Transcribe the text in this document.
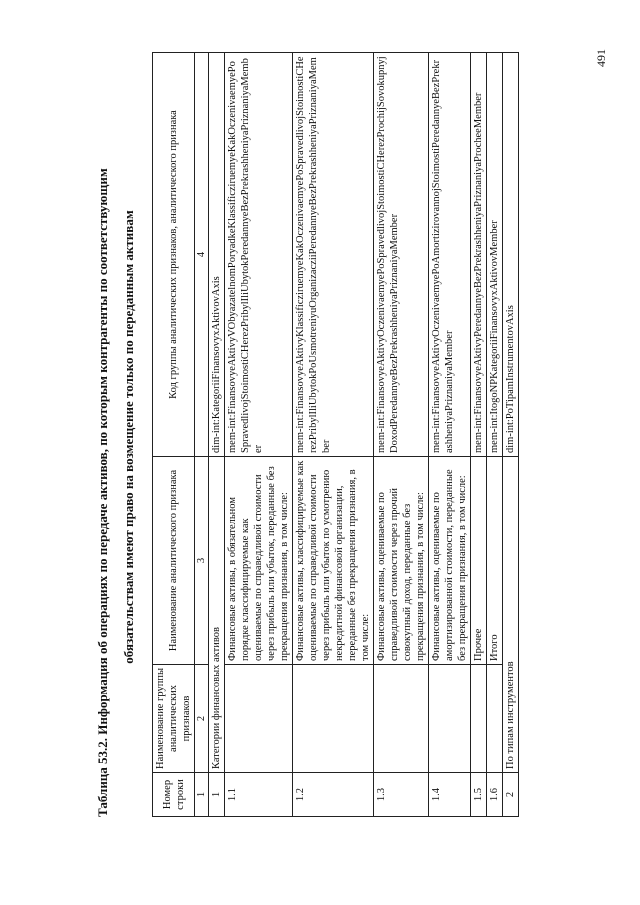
Таблица 53.2. Информация об операциях по передаче активов, по которым контрагенты по соответствующим обязательствам имеют право на возмещение только по переданным активам
Номер строки	Наименование группы аналитических признаков	Наименование аналитического признака	Код группы аналитических признаков, аналитического признака
1	2	3	4
1	Категории финансовых активов		dim-int:KategoriiFinansovyxAktivovAxis
1.1		Финансовые активы, в обязательном порядке классифицируемые как оцениваемые по справедливой стоимости через прибыль или убыток, переданные без прекращения признания, в том числе:	mem-int:FinansovyeAktivyVObyazatelnomPoryadkeKlassificziruemyeKakOczenivaemyePoSpravedlivojStoimostiCHerezPribylIliUbytokPeredannyeBezPrekrashheniyaPriznaniyaMember
1.2		Финансовые активы, классифицируемые как оцениваемые по справедливой стоимости через прибыль или убыток по усмотрению некредитной финансовой организации, переданные без прекращения признания, в том числе:	mem-int:FinansovyeAktivyKlassificziruemyeKakOczenivaemyePoSpravedlivojStoimostiCHerezPribylIliUbytokPoUsmotreniyuOrganizacziiPeredannyeBezPrekrashheniyaPriznaniyaMember
1.3		Финансовые активы, оцениваемые по справедливой стоимости через прочий совокупный доход, переданные без прекращения признания, в том числе:	mem-int:FinansovyeAktivyOczenivaemyePoSpravedlivojStoimostiCHerezProchijSovokupnyjDoxodPeredannyeBezPrekrashheniyaPriznaniyaMember
1.4		Финансовые активы, оцениваемые по амортизированной стоимости, переданные без прекращения признания, в том числе:	mem-int:FinansovyeAktivyOczenivaemyePoAmortizirovannojStoimostiPeredannyeBezPrekrashheniyaPriznaniyaMember
1.5		Прочее	mem-int:FinansovyeAktivyPeredannyeBezPrekrashheniyaPriznaniyaProcheeMember
1.6		Итого	mem-int:ItogoNPKategoriiFinansovyxAktivovMember
2	По типам инструментов		dim-int:PoTipamInstrumentovAxis
491
